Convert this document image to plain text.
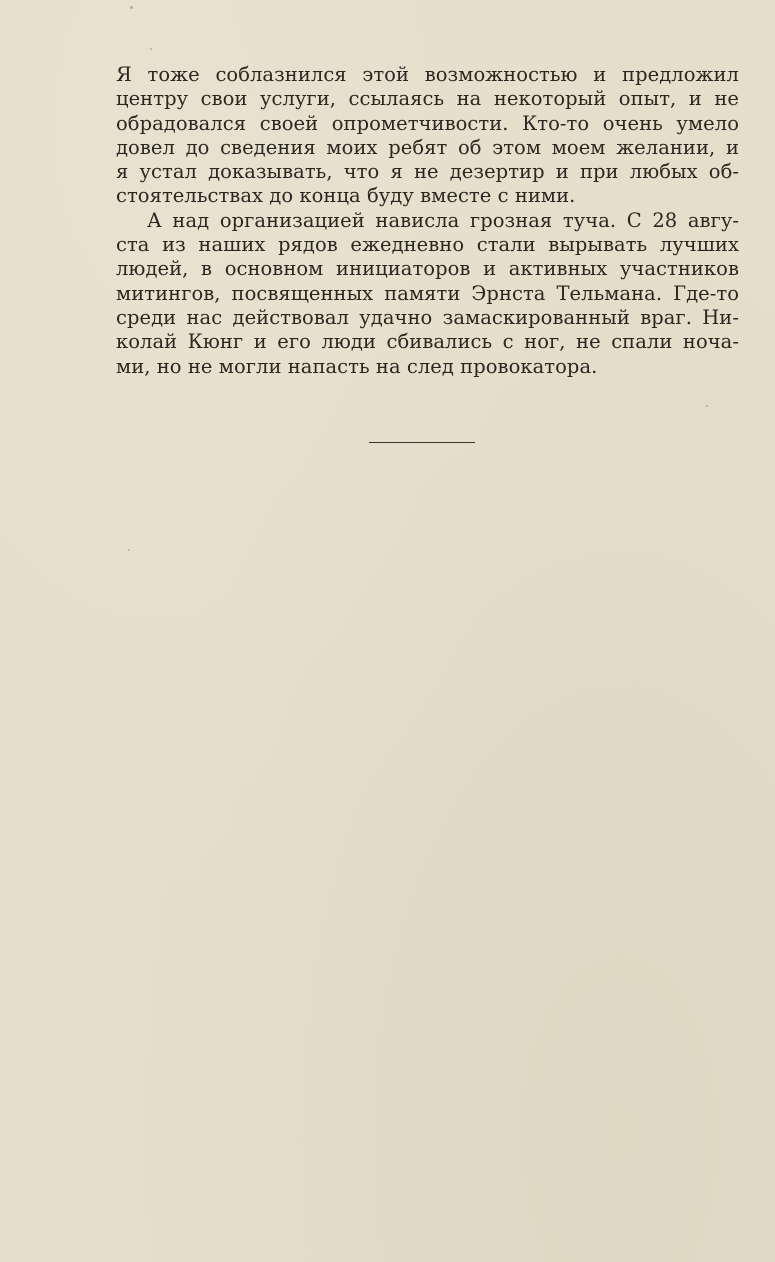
Я тоже соблазнился этой возможностью и предложил
центру свои услуги, ссылаясь на некоторый опыт, и не
обрадовался своей опрометчивости. Кто-то очень умело
довел до сведения моих ребят об этом моем желании, и
я устал доказывать, что я не дезертир и при любых об-
стоятельствах до конца буду вместе с ними.
А над организацией нависла грозная туча. С 28 авгу-
ста из наших рядов ежедневно стали вырывать лучших
людей, в основном инициаторов и активных участников
митингов, посвященных памяти Эрнста Тельмана. Где-то
среди нас действовал удачно замаскированный враг. Ни-
колай Кюнг и его люди сбивались с ног, не спали ноча-
ми, но не могли напасть на след провокатора.
